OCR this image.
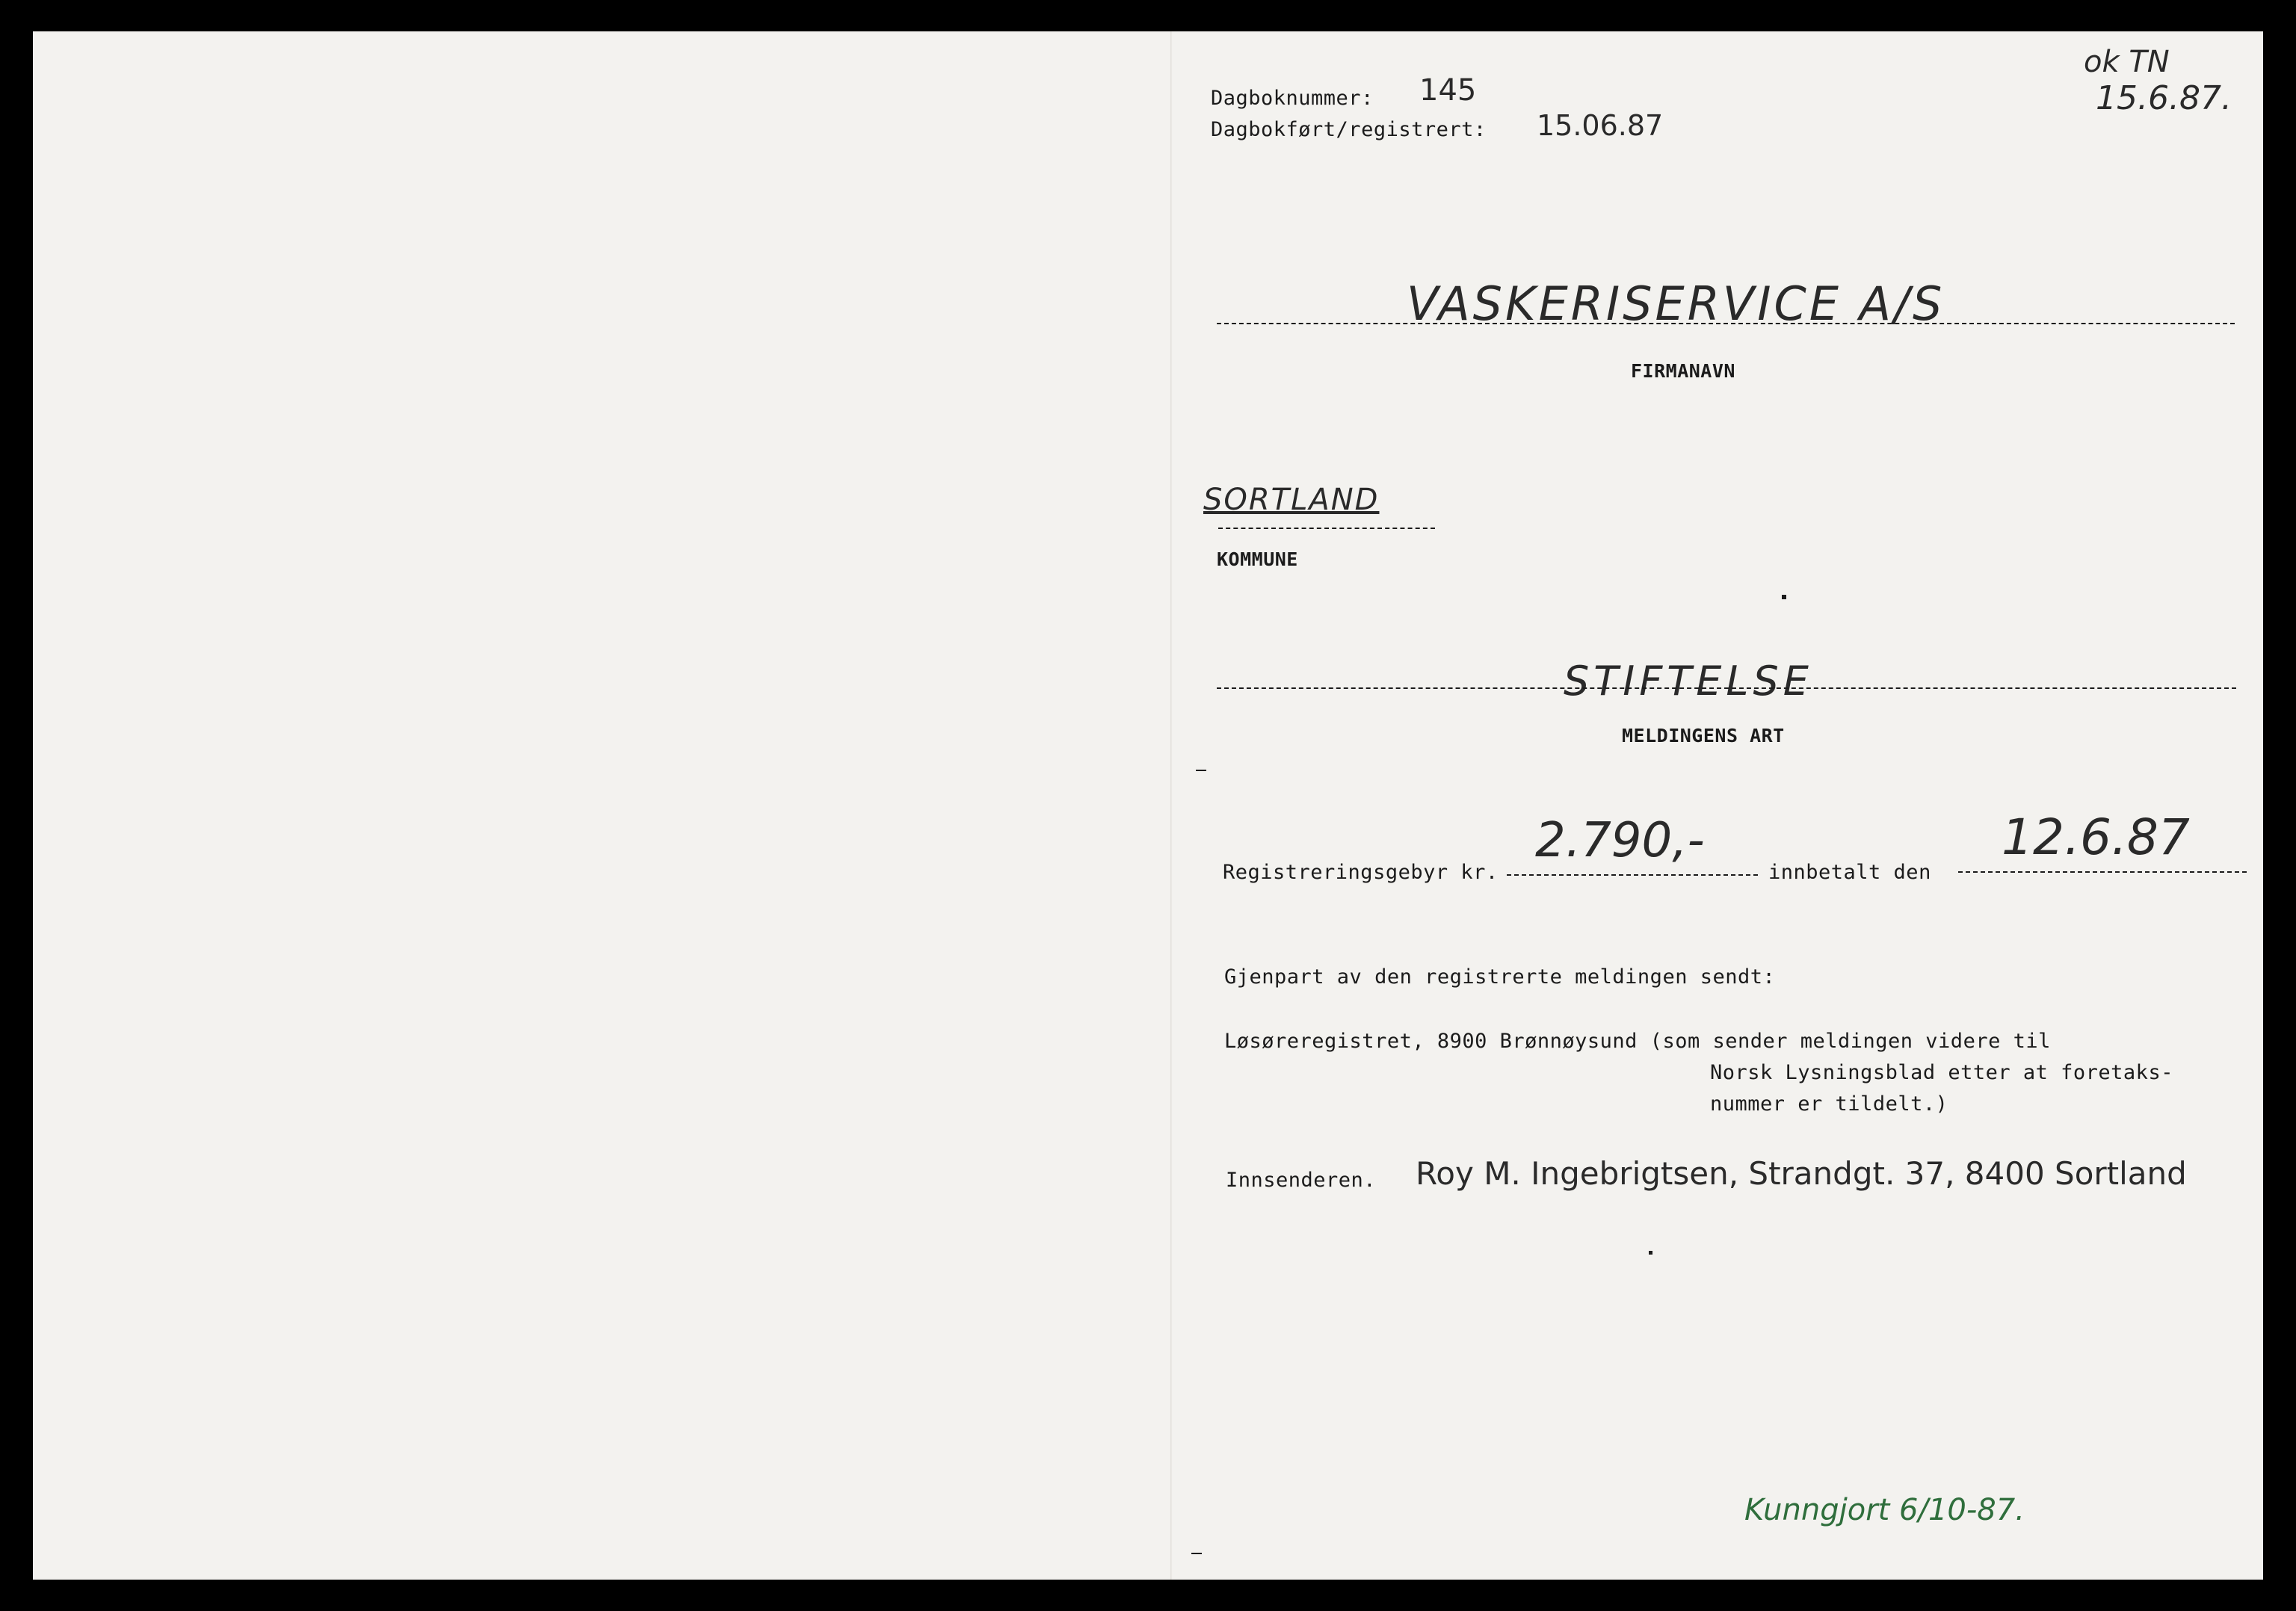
Dagboknummer: 145
Dagbokført/registrert: 15.06.87
ok TN
15.6.87.
VASKERISERVICE A/S
FIRMANAVN
SORTLAND
KOMMUNE
STIFTELSE
MELDINGENS ART
Registreringsgebyr kr.
2.790,-
innbetalt den
12.6.87
Gjenpart av den registrerte meldingen sendt:
Løsøreregistret, 8900 Brønnøysund (som sender meldingen videre til
Norsk Lysningsblad etter at foretaks-
nummer er tildelt.)
Innsenderen. Roy M. Ingebrigtsen, Strandgt. 37, 8400 Sortland
Kunngjort 6/10-87.
